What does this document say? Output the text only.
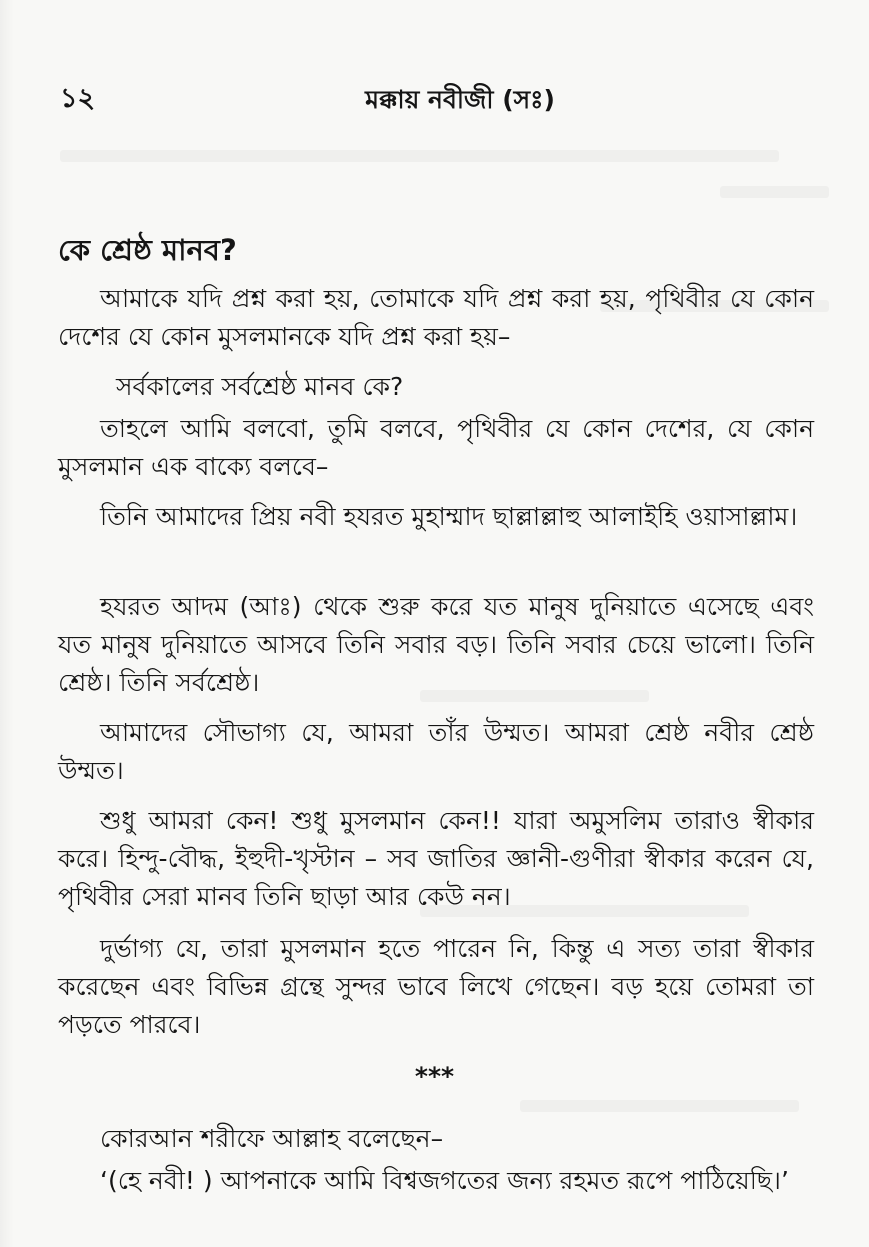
১২	মক্কায় নবীজী (সঃ)
কে শ্রেষ্ঠ মানব?

আমাকে যদি প্রশ্ন করা হয়, তোমাকে যদি প্রশ্ন করা হয়, পৃথিবীর যে কোন দেশের যে কোন মুসলমানকে যদি প্রশ্ন করা হয়–

সর্বকালের সর্বশ্রেষ্ঠ মানব কে?

তাহলে আমি বলবো, তুমি বলবে, পৃথিবীর যে কোন দেশের, যে কোন মুসলমান এক বাক্যে বলবে–

তিনি আমাদের প্রিয় নবী হযরত মুহাম্মাদ ছাল্লাল্লাহু আলাইহি ওয়াসাল্লাম।

হযরত আদম (আঃ) থেকে শুরু করে যত মানুষ দুনিয়াতে এসেছে এবং যত মানুষ দুনিয়াতে আসবে তিনি সবার বড়। তিনি সবার চেয়ে ভালো। তিনি শ্রেষ্ঠ। তিনি সর্বশ্রেষ্ঠ।

আমাদের সৌভাগ্য যে, আমরা তাঁর উম্মত। আমরা শ্রেষ্ঠ নবীর শ্রেষ্ঠ উম্মত।

শুধু আমরা কেন! শুধু মুসলমান কেন!! যারা অমুসলিম তারাও স্বীকার করে। হিন্দু-বৌদ্ধ, ইহুদী-খৃস্টান – সব জাতির জ্ঞানী-গুণীরা স্বীকার করেন যে, পৃথিবীর সেরা মানব তিনি ছাড়া আর কেউ নন।

দুর্ভাগ্য যে, তারা মুসলমান হতে পারেন নি, কিন্তু এ সত্য তারা স্বীকার করেছেন এবং বিভিন্ন গ্রন্থে সুন্দর ভাবে লিখে গেছেন। বড় হয়ে তোমরা তা পড়তে পারবে।

***

কোরআন শরীফে আল্লাহ বলেছেন–

‘(হে নবী! ) আপনাকে আমি বিশ্বজগতের জন্য রহমত রূপে পাঠিয়েছি।’
